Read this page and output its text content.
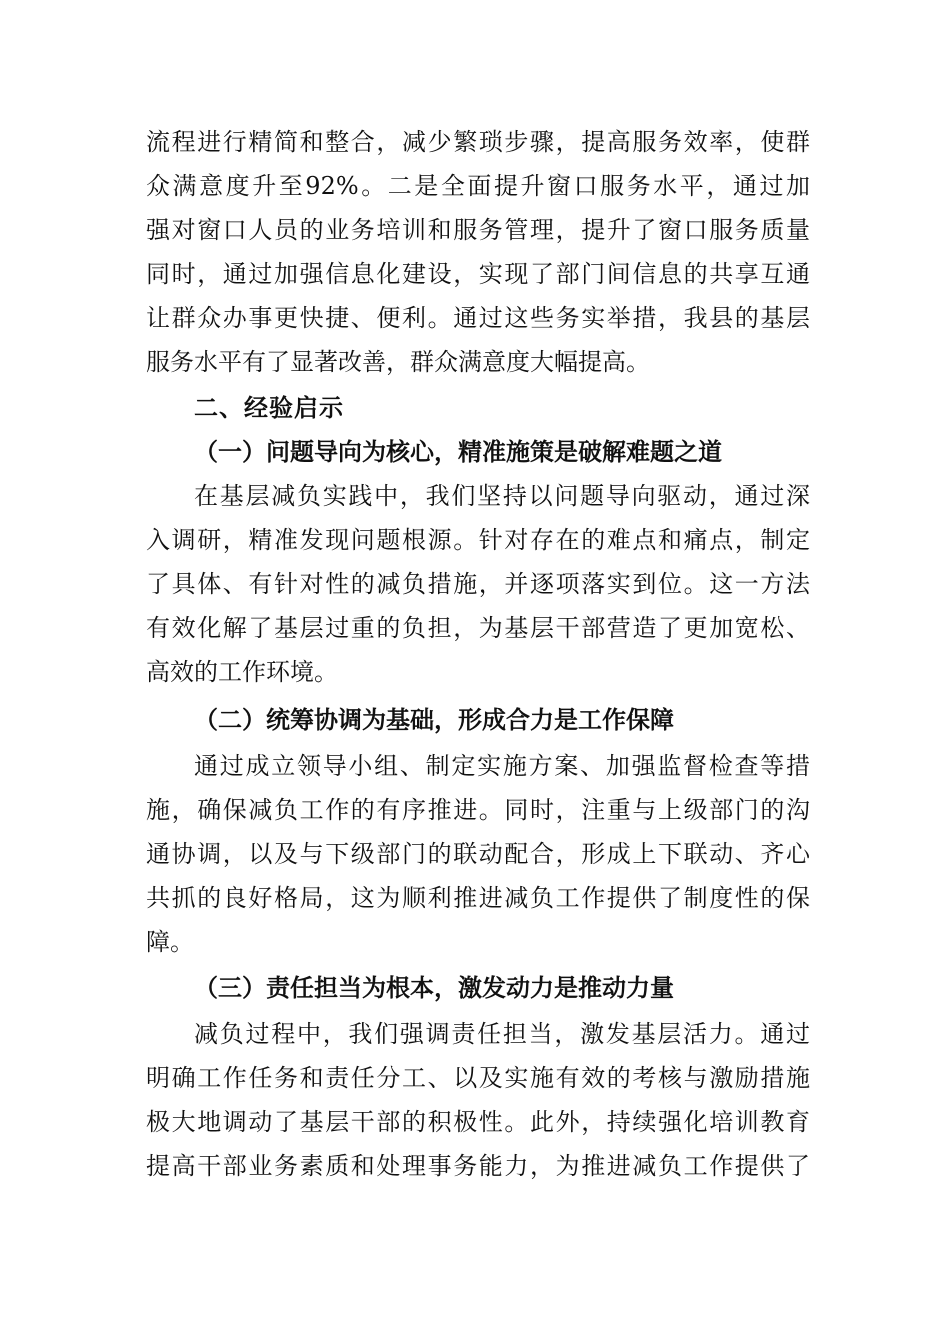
流程进行精简和整合，减少繁琐步骤，提高服务效率，使群
众满意度升至92%。二是全面提升窗口服务水平，通过加
强对窗口人员的业务培训和服务管理，提升了窗口服务质量
同时，通过加强信息化建设，实现了部门间信息的共享互通
让群众办事更快捷、便利。通过这些务实举措，我县的基层
服务水平有了显著改善，群众满意度大幅提高。
二、经验启示
（一）问题导向为核心，精准施策是破解难题之道
在基层减负实践中，我们坚持以问题导向驱动，通过深
入调研，精准发现问题根源。针对存在的难点和痛点，制定
了具体、有针对性的减负措施，并逐项落实到位。这一方法
有效化解了基层过重的负担，为基层干部营造了更加宽松、
高效的工作环境。
（二）统筹协调为基础，形成合力是工作保障
通过成立领导小组、制定实施方案、加强监督检查等措
施，确保减负工作的有序推进。同时，注重与上级部门的沟
通协调，以及与下级部门的联动配合，形成上下联动、齐心
共抓的良好格局，这为顺利推进减负工作提供了制度性的保
障。
（三）责任担当为根本，激发动力是推动力量
减负过程中，我们强调责任担当，激发基层活力。通过
明确工作任务和责任分工、以及实施有效的考核与激励措施
极大地调动了基层干部的积极性。此外，持续强化培训教育
提高干部业务素质和处理事务能力，为推进减负工作提供了
